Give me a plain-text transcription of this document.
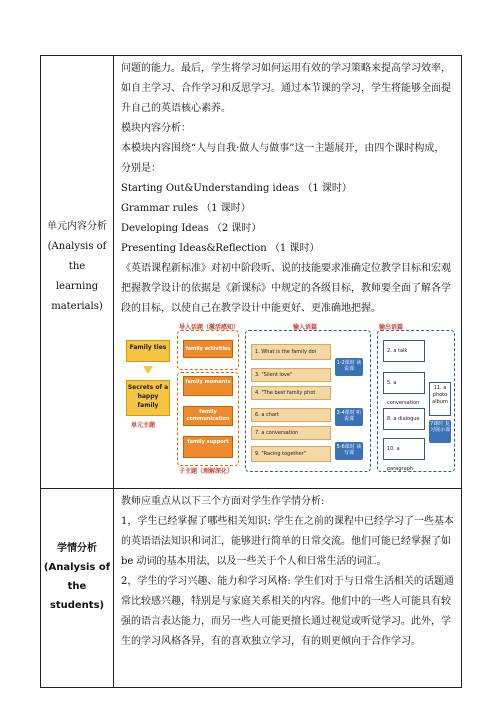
单元内容分析
(Analysis of the
learning
materials)

问题的能力。最后，学生将学习如何运用有效的学习策略来提高学习效率，

如自主学习、合作学习和反思学习。通过本节课的学习，学生将能够全面提

升自己的英语核心素养。

模块内容分析：

本模块内容围绕“人与自我·做人与做事”这一主题展开，由四个课时构成，

分别是：

Starting Out&Understanding ideas （1 课时）

Grammar rules （1 课时）

Developing Ideas （2 课时）

Presenting Ideas&Reflection （1 课时）

《英语课程新标准》对初中阶段听、说的技能要求准确定位教学目标和宏观

把握教学设计的依据是《新课标》中规定的各级目标，教师要全面了解各学

段的目标，以使自己在教学设计中能更好、更准确地把握。

导入话题（激活感知）	输入语篇	输出语篇
Family ties
Secrets of a happy family
单元主题
family activities
family moments
family communication
family support
子主题（理解深化）
1. What is the family doi
3. "Silent love"
4. "The best family phot
6. a chart
7. a conversation
9. "Racing together"
1-2课时 读说课
3-4课时 听说课
5-6课时 读写课
2. a talk
5. a conversation
8. a dialogue
10. a paragraph
11. a photo album
7课时 复习展示课
学情分析
(Analysis of
the students)

教师应重点从以下三个方面对学生作学情分析:

1，学生已经掌握了哪些相关知识: 学生在之前的课程中已经学习了一些基本

的英语语法知识和词汇，能够进行简单的日常交流。他们可能已经掌握了如

be 动词的基本用法，以及一些关于个人和日常生活的词汇。

2，学生的学习兴趣、能力和学习风格: 学生们对于与日常生活相关的话题通

常比较感兴趣，特别是与家庭关系相关的内容。他们中的一些人可能具有较

强的语言表达能力，而另一些人可能更擅长通过视觉或听觉学习。此外，学

生的学习风格各异，有的喜欢独立学习，有的则更倾向于合作学习。
